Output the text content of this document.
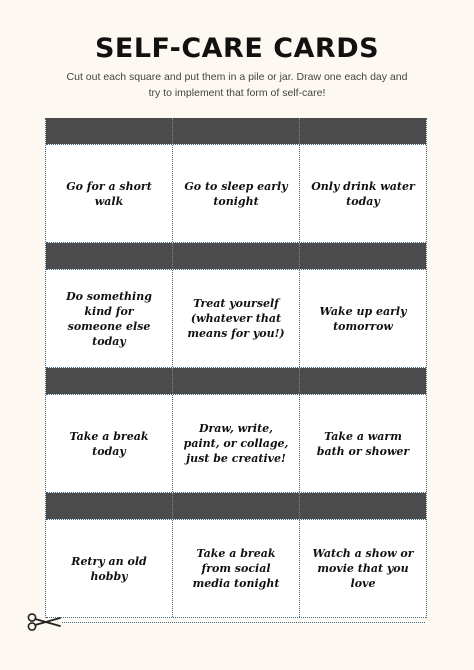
SELF-CARE CARDS

Cut out each square and put them in a pile or jar. Draw one each day and try to implement that form of self-care!

Go for a short walk
Go to sleep early tonight
Only drink water today
Do something kind for someone else today
Treat yourself (whatever that means for you!)
Wake up early tomorrow
Take a break today
Draw, write, paint, or collage, just be creative!
Take a warm bath or shower
Retry an old hobby
Take a break from social media tonight
Watch a show or movie that you love
